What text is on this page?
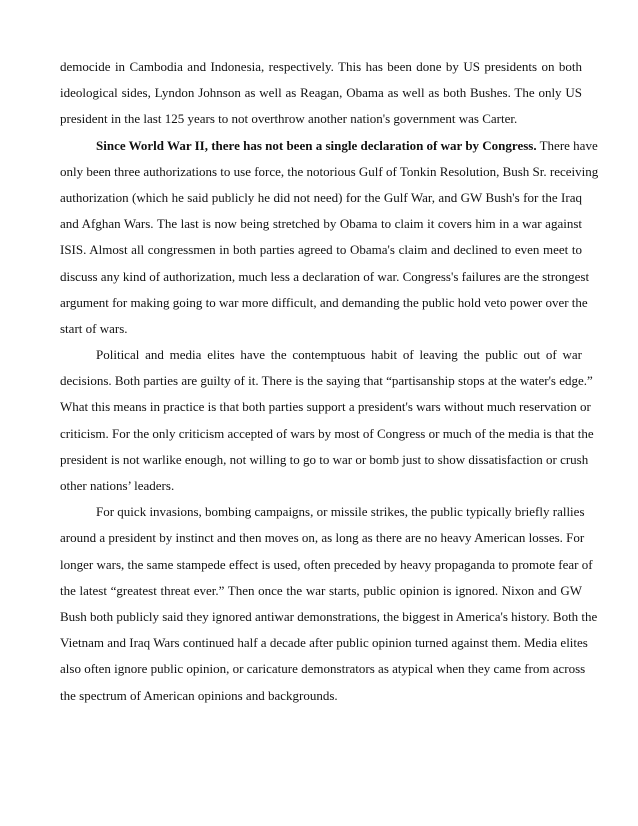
democide in Cambodia and Indonesia, respectively. This has been done by US presidents on both
ideological sides, Lyndon Johnson as well as Reagan, Obama as well as both Bushes. The only US
president in the last 125 years to not overthrow another nation's government was Carter.
Since World War II, there has not been a single declaration of war by Congress. There have
only been three authorizations to use force, the notorious Gulf of Tonkin Resolution, Bush Sr. receiving
authorization (which he said publicly he did not need) for the Gulf War, and GW Bush's for the Iraq
and Afghan Wars. The last is now being stretched by Obama to claim it covers him in a war against
ISIS. Almost all congressmen in both parties agreed to Obama's claim and declined to even meet to
discuss any kind of authorization, much less a declaration of war. Congress's failures are the strongest
argument for making going to war more difficult, and demanding the public hold veto power over the
start of wars.
Political and media elites have the contemptuous habit of leaving the public out of war
decisions. Both parties are guilty of it. There is the saying that “partisanship stops at the water's edge.”
What this means in practice is that both parties support a president's wars without much reservation or
criticism. For the only criticism accepted of wars by most of Congress or much of the media is that the
president is not warlike enough, not willing to go to war or bomb just to show dissatisfaction or crush
other nations’ leaders.
For quick invasions, bombing campaigns, or missile strikes, the public typically briefly rallies
around a president by instinct and then moves on, as long as there are no heavy American losses. For
longer wars, the same stampede effect is used, often preceded by heavy propaganda to promote fear of
the latest “greatest threat ever.” Then once the war starts, public opinion is ignored. Nixon and GW
Bush both publicly said they ignored antiwar demonstrations, the biggest in America's history. Both the
Vietnam and Iraq Wars continued half a decade after public opinion turned against them. Media elites
also often ignore public opinion, or caricature demonstrators as atypical when they came from across
the spectrum of American opinions and backgrounds.
